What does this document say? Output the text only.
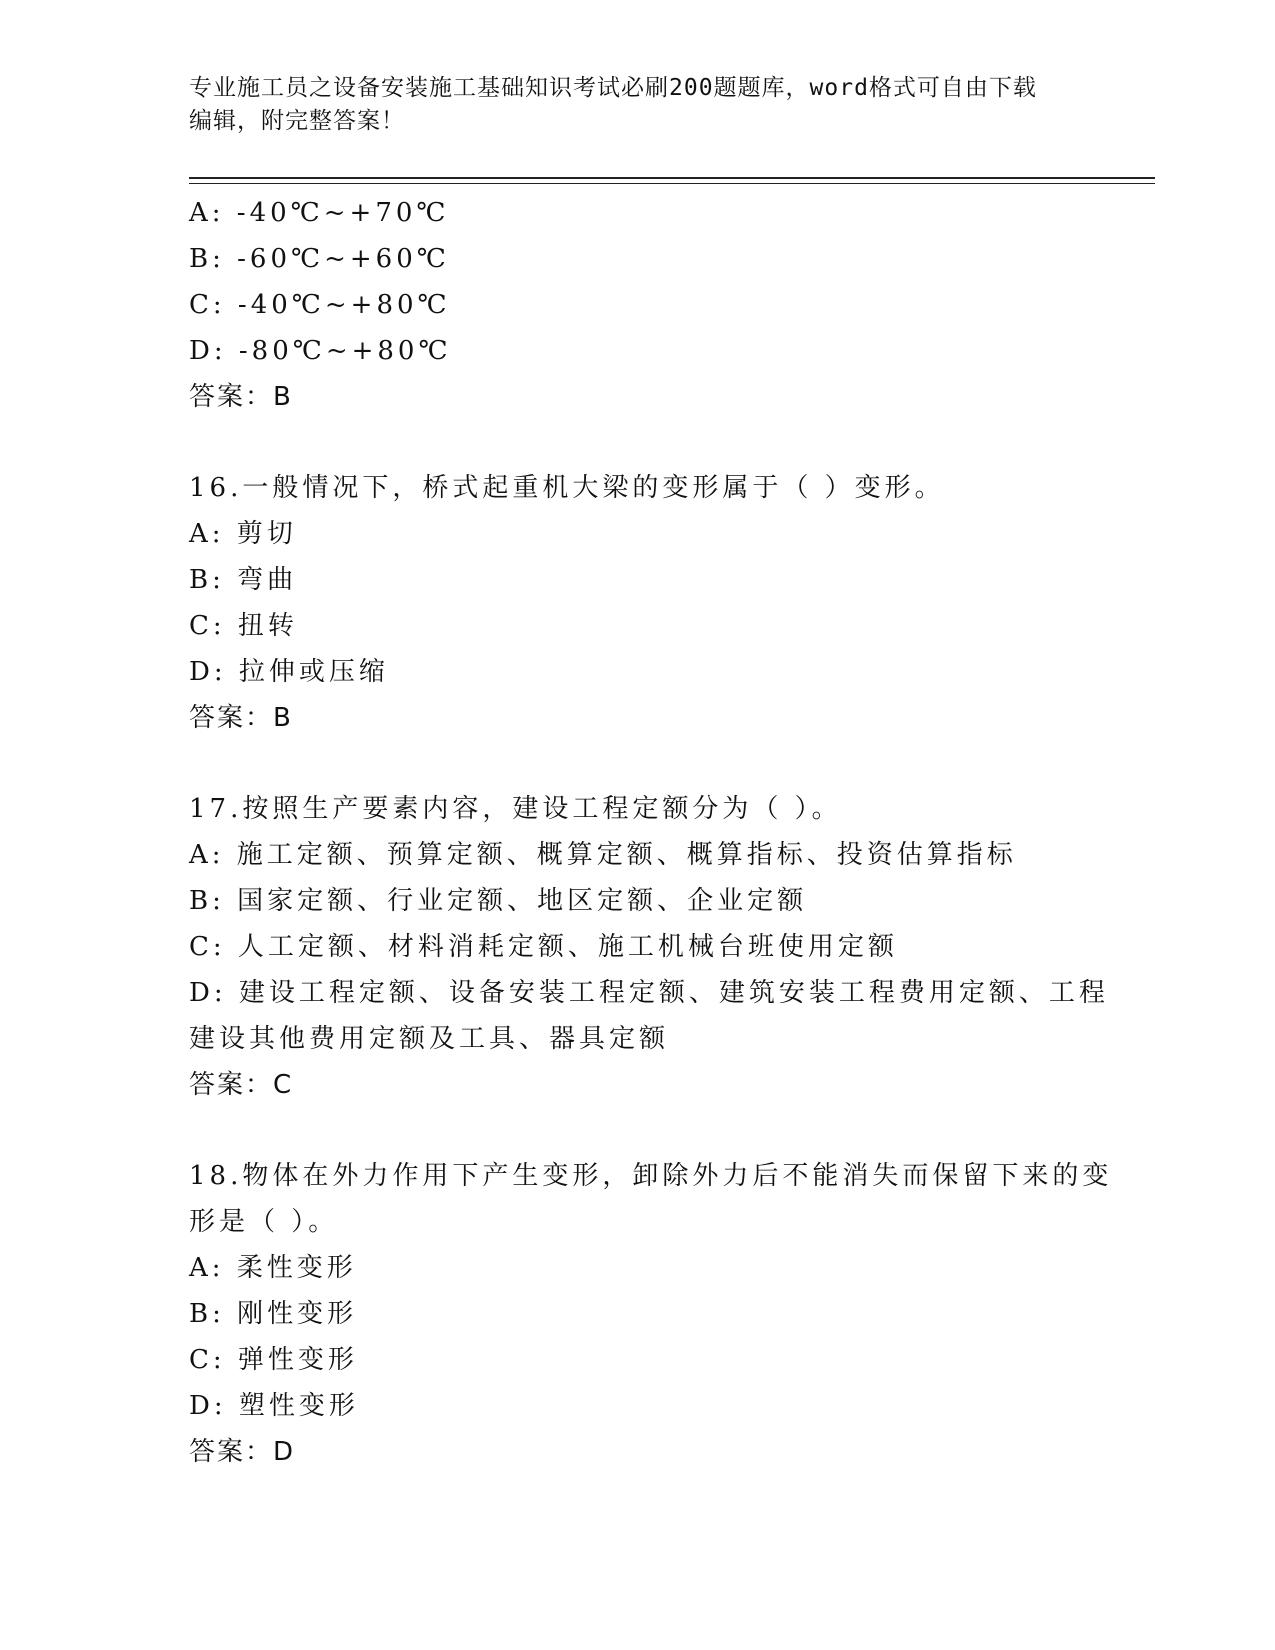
专业施工员之设备安装施工基础知识考试必刷200题题库，word格式可自由下载
编辑，附完整答案！
A: -40℃~+70℃
B: -60℃~+60℃
C: -40℃~+80℃
D: -80℃~+80℃
答案：B
16.一般情况下，桥式起重机大梁的变形属于（ ）变形。
A: 剪切
B: 弯曲
C: 扭转
D: 拉伸或压缩
答案：B
17.按照生产要素内容，建设工程定额分为（ ）。
A: 施工定额、预算定额、概算定额、概算指标、投资估算指标
B: 国家定额、行业定额、地区定额、企业定额
C: 人工定额、材料消耗定额、施工机械台班使用定额
D: 建设工程定额、设备安装工程定额、建筑安装工程费用定额、工程
建设其他费用定额及工具、器具定额
答案：C
18.物体在外力作用下产生变形，卸除外力后不能消失而保留下来的变
形是（ ）。
A: 柔性变形
B: 刚性变形
C: 弹性变形
D: 塑性变形
答案：D
